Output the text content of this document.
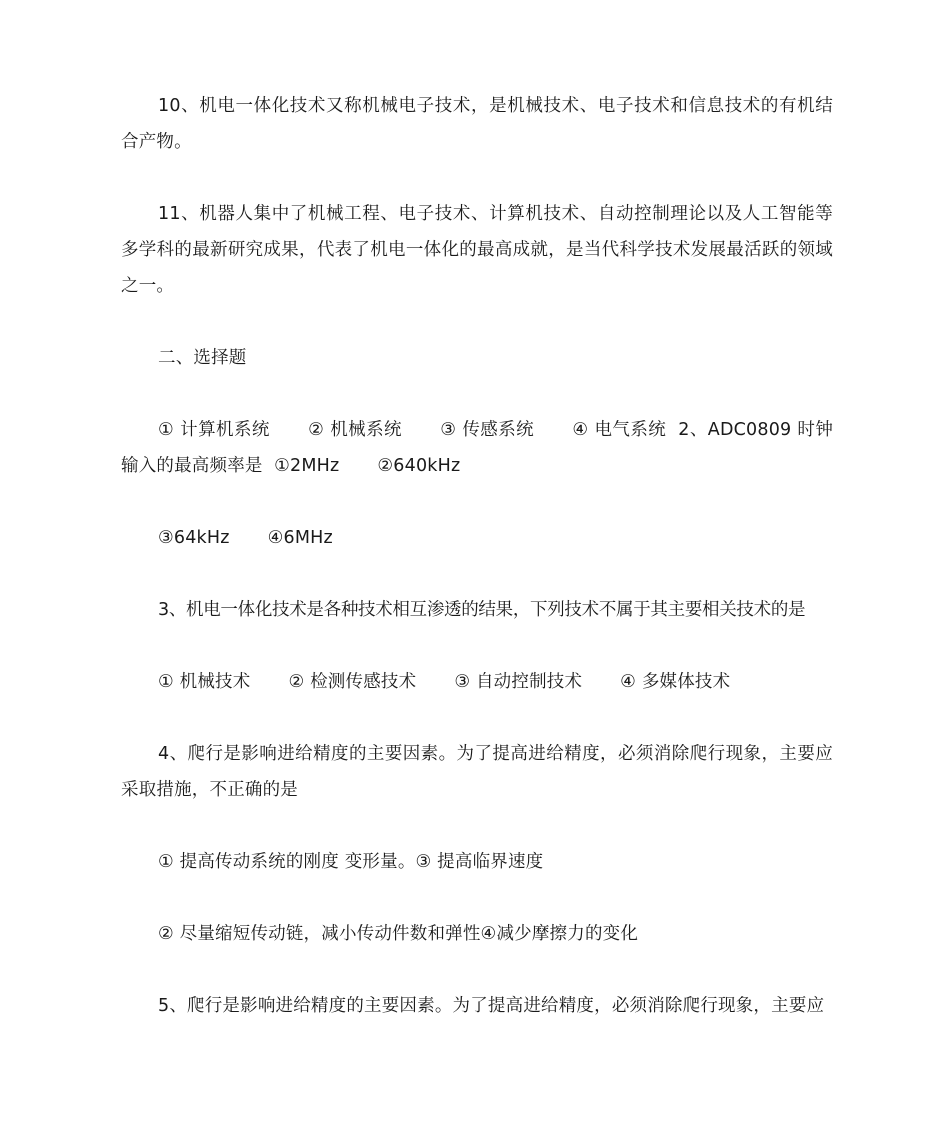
10、机电一体化技术又称机械电子技术，是机械技术、电子技术和信息技术的有机结合产物。

11、机器人集中了机械工程、电子技术、计算机技术、自动控制理论以及人工智能等多学科的最新研究成果，代表了机电一体化的最高成就，是当代科学技术发展最活跃的领域之一。

二、选择题

① 计算机系统 ② 机械系统 ③ 传感系统 ④ 电气系统 2、ADC0809 时钟输入的最高频率是 ①2MHz ②640kHz

③64kHz ④6MHz

3、机电一体化技术是各种技术相互渗透的结果，下列技术不属于其主要相关技术的是

① 机械技术 ② 检测传感技术 ③ 自动控制技术 ④ 多媒体技术

4、爬行是影响进给精度的主要因素。为了提高进给精度，必须消除爬行现象，主要应采取措施，不正确的是

① 提高传动系统的刚度 变形量。③ 提高临界速度

② 尽量缩短传动链，减小传动件数和弹性④减少摩擦力的变化

5、爬行是影响进给精度的主要因素。为了提高进给精度，必须消除爬行现象，主要应
